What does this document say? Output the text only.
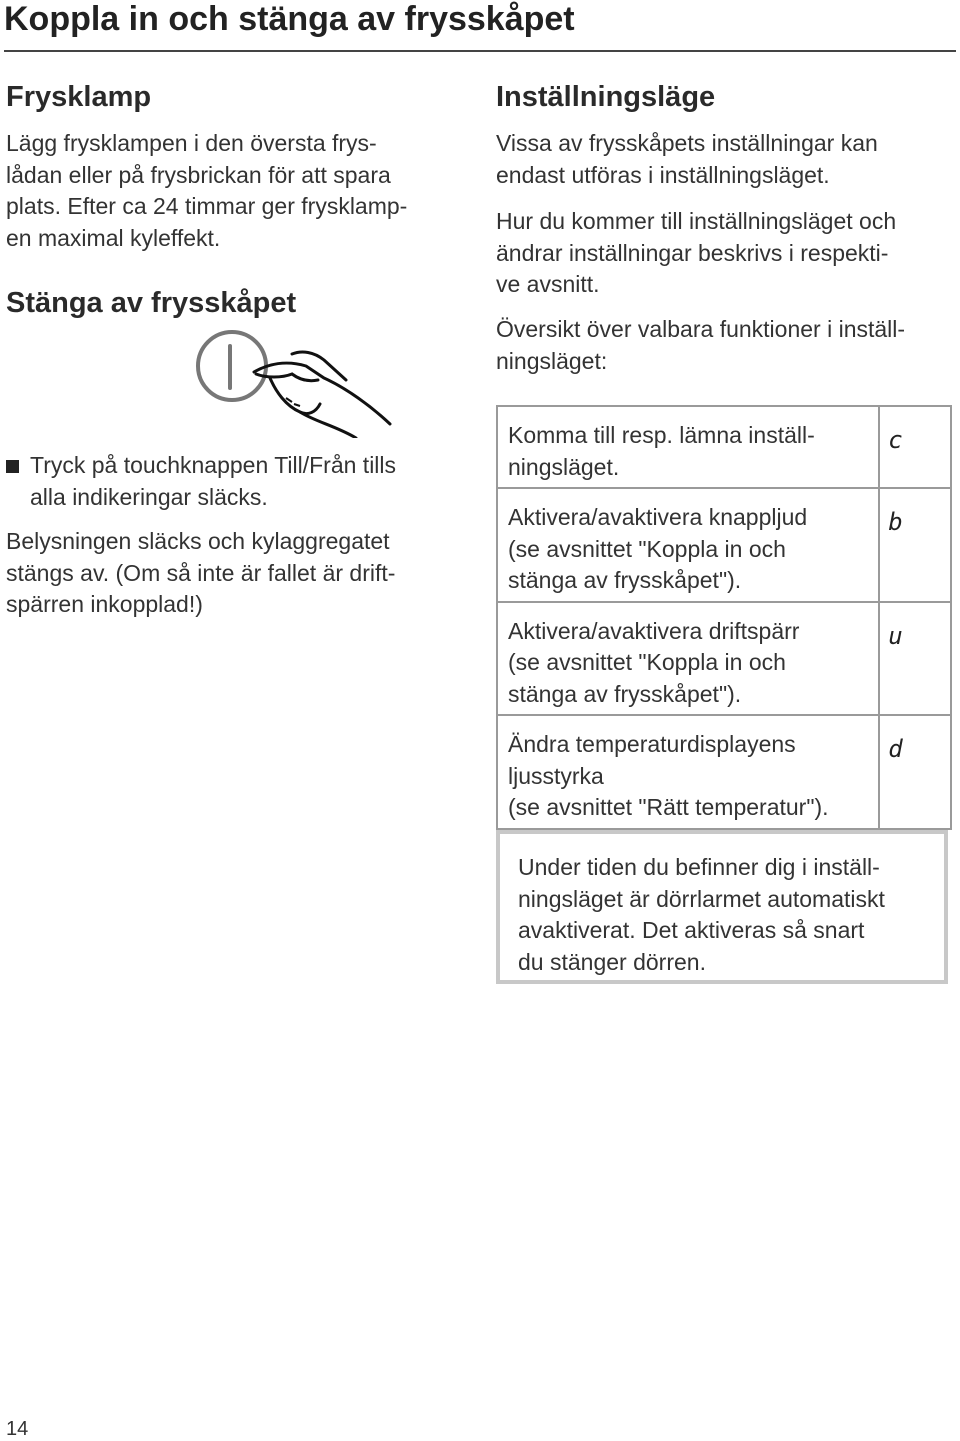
Koppla in och stänga av frysskåpet
Frysklamp

Lägg frysklampen i den översta frys-
lådan eller på frysbrickan för att spara
plats. Efter ca 24 timmar ger frysklamp-
en maximal kyleffekt.

Stänga av frysskåpet

Tryck på touchknappen Till/Från tills
alla indikeringar släcks.

Belysningen släcks och kylaggregatet
stängs av. (Om så inte är fallet är drift-
spärren inkopplad!)

Inställningsläge

Vissa av frysskåpets inställningar kan
endast utföras i inställningsläget.

Hur du kommer till inställningsläget och
ändrar inställningar beskrivs i respekti-
ve avsnitt.

Översikt över valbara funktioner i inställ-
ningsläget:

Komma till resp. lämna inställ-
ningsläget.	c
Aktivera/avaktivera knappljud
(se avsnittet "Koppla in och
stänga av frysskåpet").	b
Aktivera/avaktivera driftspärr
(se avsnittet "Koppla in och
stänga av frysskåpet").	u
Ändra temperaturdisplayens
ljusstyrka
(se avsnittet "Rätt temperatur").	d

Under tiden du befinner dig i inställ-
ningsläget är dörrlarmet automatiskt
avaktiverat. Det aktiveras så snart
du stänger dörren.

14
